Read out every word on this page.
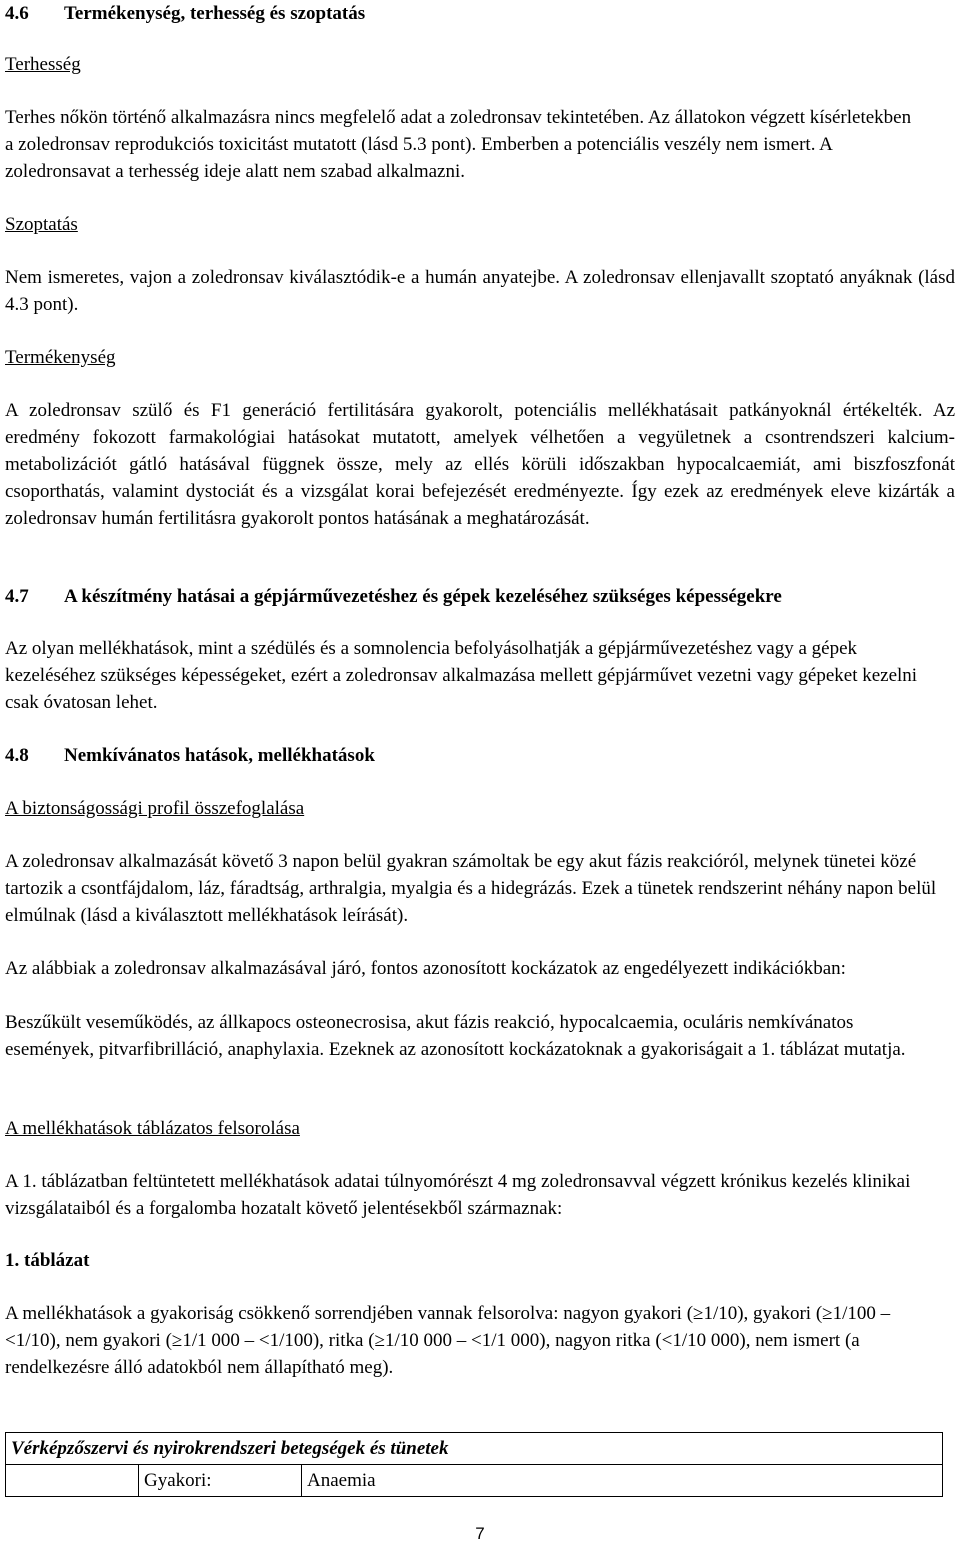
4.6 Termékenység, terhesség és szoptatás

Terhesség

Terhes nőkön történő alkalmazásra nincs megfelelő adat a zoledronsav tekintetében. Az állatokon végzett kísérletekben a zoledronsav reprodukciós toxicitást mutatott (lásd 5.3 pont). Emberben a potenciális veszély nem ismert. A zoledronsavat a terhesség ideje alatt nem szabad alkalmazni.

Szoptatás

Nem ismeretes, vajon a zoledronsav kiválasztódik-e a humán anyatejbe. A zoledronsav ellenjavallt szoptató anyáknak (lásd 4.3 pont).

Termékenység

A zoledronsav szülő és F1 generáció fertilitására gyakorolt, potenciális mellékhatásait patkányoknál értékelték. Az eredmény fokozott farmakológiai hatásokat mutatott, amelyek vélhetően a vegyületnek a csontrendszeri kalcium-metabolizációt gátló hatásával függnek össze, mely az ellés körüli időszakban hypocalcaemiát, ami biszfoszfonát csoporthatás, valamint dystociát és a vizsgálat korai befejezését eredményezte. Így ezek az eredmények eleve kizárták a zoledronsav humán fertilitásra gyakorolt pontos hatásának a meghatározását.

4.7 A készítmény hatásai a gépjárművezetéshez és gépek kezeléséhez szükséges képességekre

Az olyan mellékhatások, mint a szédülés és a somnolencia befolyásolhatják a gépjárművezetéshez vagy a gépek kezeléséhez szükséges képességeket, ezért a zoledronsav alkalmazása mellett gépjárművet vezetni vagy gépeket kezelni csak óvatosan lehet.

4.8 Nemkívánatos hatások, mellékhatások

A biztonságossági profil összefoglalása

A zoledronsav alkalmazását követő 3 napon belül gyakran számoltak be egy akut fázis reakcióról, melynek tünetei közé tartozik a csontfájdalom, láz, fáradtság, arthralgia, myalgia és a hidegrázás. Ezek a tünetek rendszerint néhány napon belül elmúlnak (lásd a kiválasztott mellékhatások leírását).

Az alábbiak a zoledronsav alkalmazásával járó, fontos azonosított kockázatok az engedélyezett indikációkban:

Beszűkült veseműködés, az állkapocs osteonecrosisa, akut fázis reakció, hypocalcaemia, oculáris nemkívánatos események, pitvarfibrilláció, anaphylaxia. Ezeknek az azonosított kockázatoknak a gyakoriságait a 1. táblázat mutatja.

A mellékhatások táblázatos felsorolása

A 1. táblázatban feltüntetett mellékhatások adatai túlnyomórészt 4 mg zoledronsavval végzett krónikus kezelés klinikai vizsgálataiból és a forgalomba hozatalt követő jelentésekből származnak:

1. táblázat

A mellékhatások a gyakoriság csökkenő sorrendjében vannak felsorolva: nagyon gyakori (≥1/10), gyakori (≥1/100 – <1/10), nem gyakori (≥1/1 000 – <1/100), ritka (≥1/10 000 – <1/1 000), nagyon ritka (<1/10 000), nem ismert (a rendelkezésre álló adatokból nem állapítható meg).

Vérképzőszervi és nyirokrendszeri betegségek és tünetek
	Gyakori:	Anaemia
7
